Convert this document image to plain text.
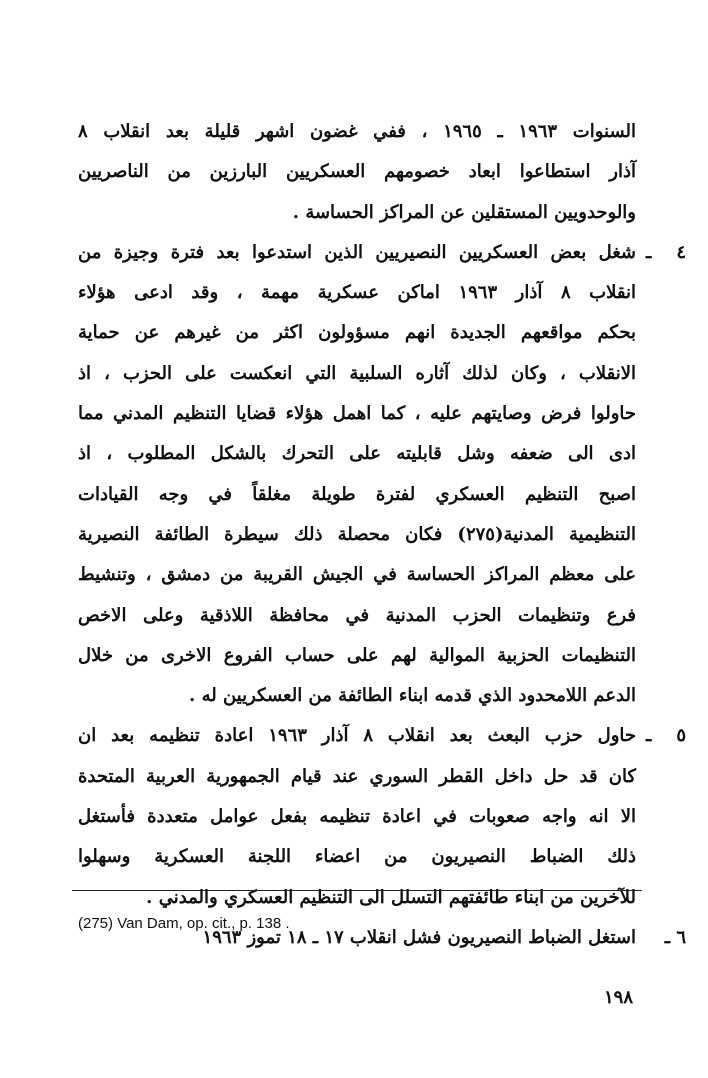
السنوات ١٩٦٣ ـ ١٩٦٥ ، ففي غضون اشهر قليلة بعد انقلاب ٨
آذار استطاعوا ابعاد خصومهم العسكريين البارزين من الناصريين
والوحدويين المستقلين عن المراكز الحساسة .
٤ ـ
شغل بعض العسكريين النصيريين الذين استدعوا بعد فترة وجيزة من
انقلاب ٨ آذار ١٩٦٣ اماكن عسكرية مهمة ، وقد ادعى هؤلاء
بحكم مواقعهم الجديدة انهم مسؤولون اكثر من غيرهم عن حماية
الانقلاب ، وكان لذلك آثاره السلبية التي انعكست على الحزب ، اذ
حاولوا فرض وصايتهم عليه ، كما اهمل هؤلاء قضايا التنظيم المدني مما
ادى الى ضعفه وشل قابليته على التحرك بالشكل المطلوب ، اذ
اصبح التنظيم العسكري لفترة طويلة مغلقاً في وجه القيادات
التنظيمية المدنية(٢٧٥) فكان محصلة ذلك سيطرة الطائفة النصيرية
على معظم المراكز الحساسة في الجيش القريبة من دمشق ، وتنشيط
فرع وتنظيمات الحزب المدنية في محافظة اللاذقية وعلى الاخص
التنظيمات الحزبية الموالية لهم على حساب الفروع الاخرى من خلال
الدعم اللامحدود الذي قدمه ابناء الطائفة من العسكريين له .
٥ ـ
حاول حزب البعث بعد انقلاب ٨ آذار ١٩٦٣ اعادة تنظيمه بعد ان
كان قد حل داخل القطر السوري عند قيام الجمهورية العربية المتحدة
الا انه واجه صعوبات في اعادة تنظيمه بفعل عوامل متعددة فأستغل
ذلك الضباط النصيريون من اعضاء اللجنة العسكرية وسهلوا
للآخرين من ابناء طائفتهم التسلل الى التنظيم العسكري والمدني .
٦ ـ
استغل الضباط النصيريون فشل انقلاب ١٧ ـ ١٨ تموز ١٩٦٣
(275) Van Dam, op. cit., p. 138 .
١٩٨
